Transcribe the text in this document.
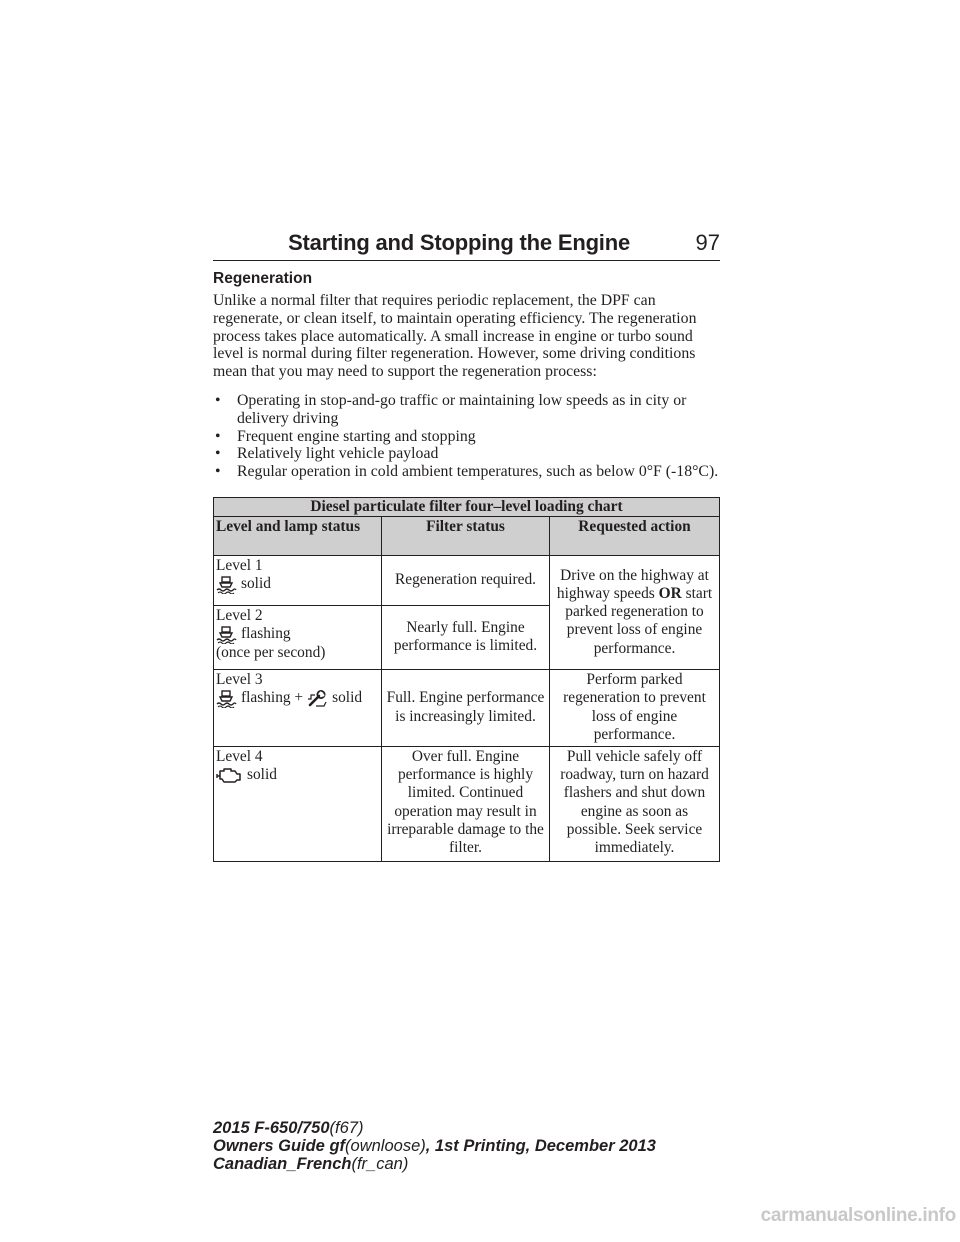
Starting and Stopping the Engine	97
Regeneration

Unlike a normal filter that requires periodic replacement, the DPF can regenerate, or clean itself, to maintain operating efficiency. The regeneration process takes place automatically. A small increase in engine or turbo sound level is normal during filter regeneration. However, some driving conditions mean that you may need to support the regeneration process:

• Operating in stop-and-go traffic or maintaining low speeds as in city or delivery driving
• Frequent engine starting and stopping
• Relatively light vehicle payload
• Regular operation in cold ambient temperatures, such as below 0°F (-18°C).
Diesel particulate filter four–level loading chart		
Level and lamp status	Filter status	Requested action

Level 1
solid	Regeneration required.	Drive on the highway at highway speeds OR start parked regeneration to prevent loss of engine performance.

Level 2
flashing
(once per second)	Nearly full. Engine performance is limited.	

Level 3
flashing + solid	Full. Engine performance is increasingly limited.	Perform parked regeneration to prevent loss of engine performance.

Level 4
solid	Over full. Engine performance is highly limited. Continued operation may result in irreparable damage to the filter.	Pull vehicle safely off roadway, turn on hazard flashers and shut down engine as soon as possible. Seek service immediately.
2015 F-650/750(f67)
Owners Guide gf(ownloose), 1st Printing, December 2013
Canadian_French(fr_can)
carmanualsonline.info
